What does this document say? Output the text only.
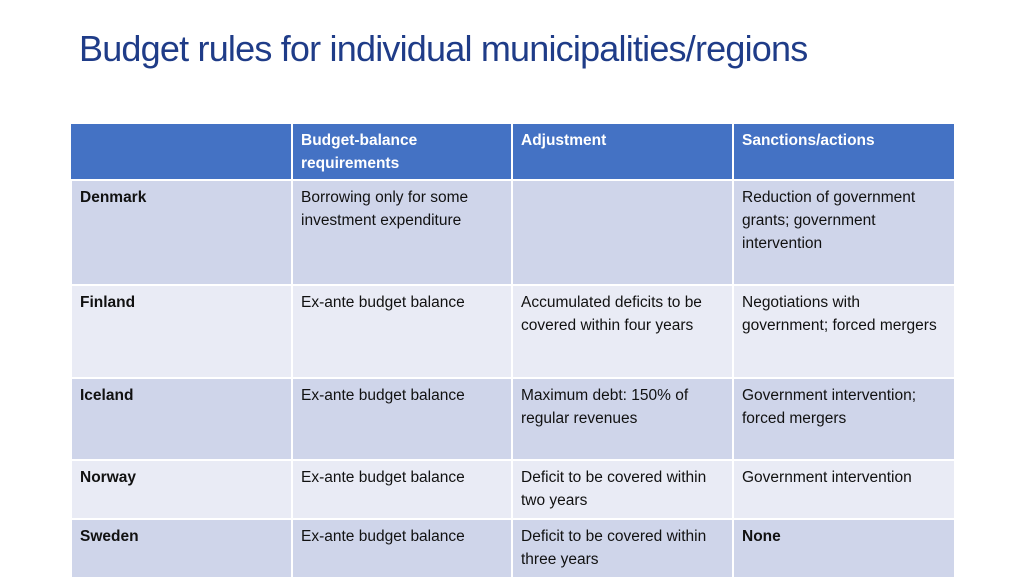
Budget rules for individual municipalities/regions
	Budget-balance requirements	Adjustment	Sanctions/actions
Denmark	Borrowing only for some investment expenditure		Reduction of government grants; government intervention
Finland	Ex-ante budget balance	Accumulated deficits to be covered within four years	Negotiations with government; forced mergers
Iceland	Ex-ante budget balance	Maximum debt: 150% of regular revenues	Government intervention; forced mergers
Norway	Ex-ante budget balance	Deficit to be covered within two years	Government intervention
Sweden	Ex-ante budget balance	Deficit to be covered within three years	None
